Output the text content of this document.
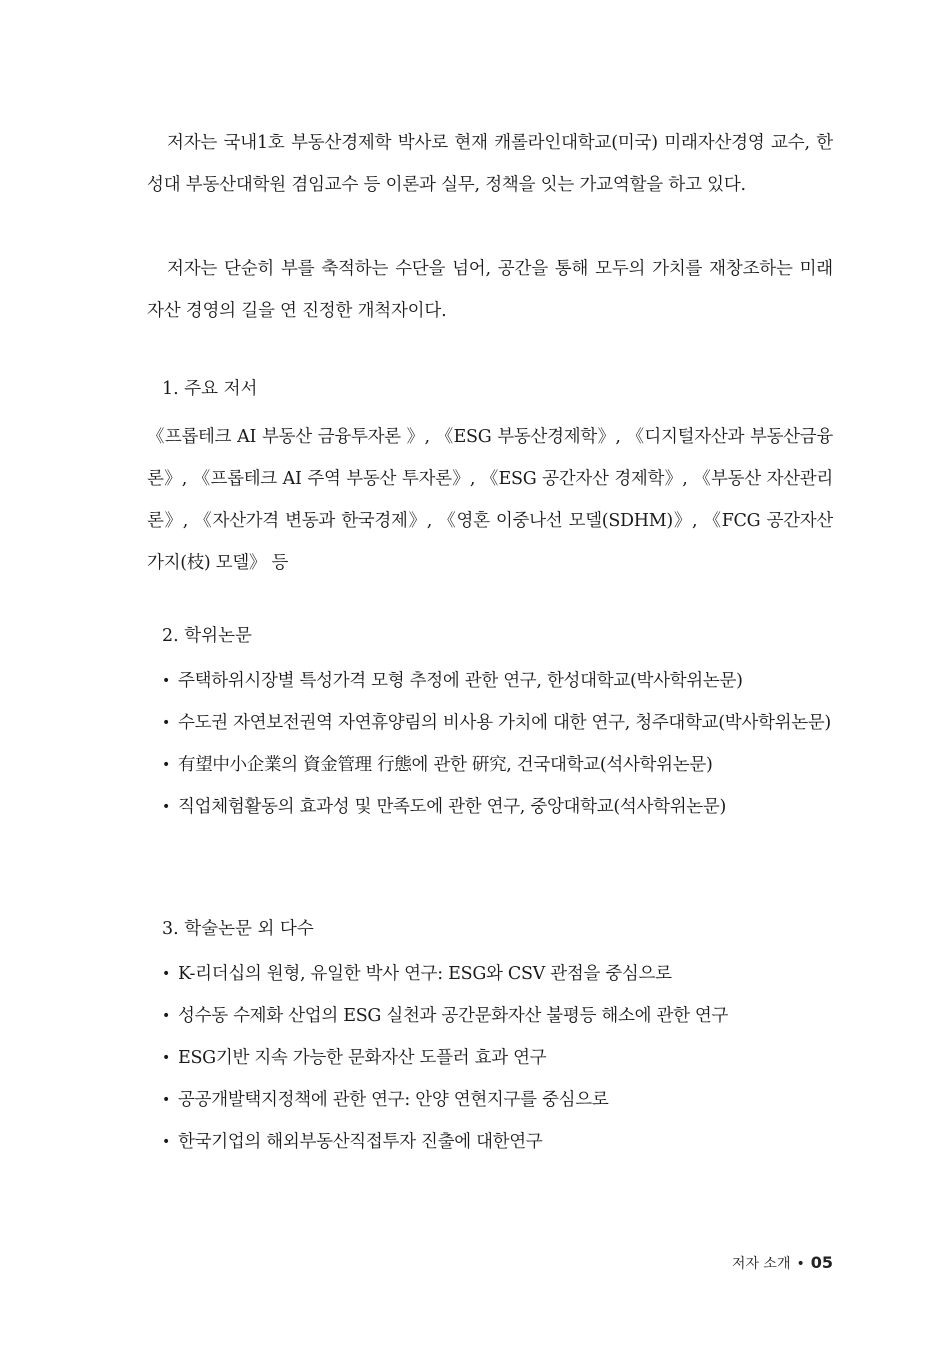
저자는 국내1호 부동산경제학 박사로 현재 캐롤라인대학교(미국) 미래자산경영 교수, 한성대 부동산대학원 겸임교수 등 이론과 실무, 정책을 잇는 가교역할을 하고 있다.

저자는 단순히 부를 축적하는 수단을 넘어, 공간을 통해 모두의 가치를 재창조하는 미래 자산 경영의 길을 연 진정한 개척자이다.

1. 주요 저서

《프롭테크 AI 부동산 금융투자론 》, 《ESG 부동산경제학》, 《디지털자산과 부동산금융론》, 《프롭테크 AI 주역 부동산 투자론》, 《ESG 공간자산 경제학》, 《부동산 자산관리론》, 《자산가격 변동과 한국경제》, 《영혼 이중나선 모델(SDHM)》, 《FCG 공간자산 가지(枝) 모델》 등

2. 학위논문

• 주택하위시장별 특성가격 모형 추정에 관한 연구, 한성대학교(박사학위논문)
• 수도권 자연보전권역 자연휴양림의 비사용 가치에 대한 연구, 청주대학교(박사학위논문)
• 有望中小企業의 資金管理 行態에 관한 硏究, 건국대학교(석사학위논문)
• 직업체험활동의 효과성 및 만족도에 관한 연구, 중앙대학교(석사학위논문)

3. 학술논문 외 다수

• K-리더십의 원형, 유일한 박사 연구: ESG와 CSV 관점을 중심으로
• 성수동 수제화 산업의 ESG 실천과 공간문화자산 불평등 해소에 관한 연구
• ESG기반 지속 가능한 문화자산 도플러 효과 연구
• 공공개발택지정책에 관한 연구: 안양 연현지구를 중심으로
• 한국기업의 해외부동산직접투자 진출에 대한연구
저자 소개 • 05
